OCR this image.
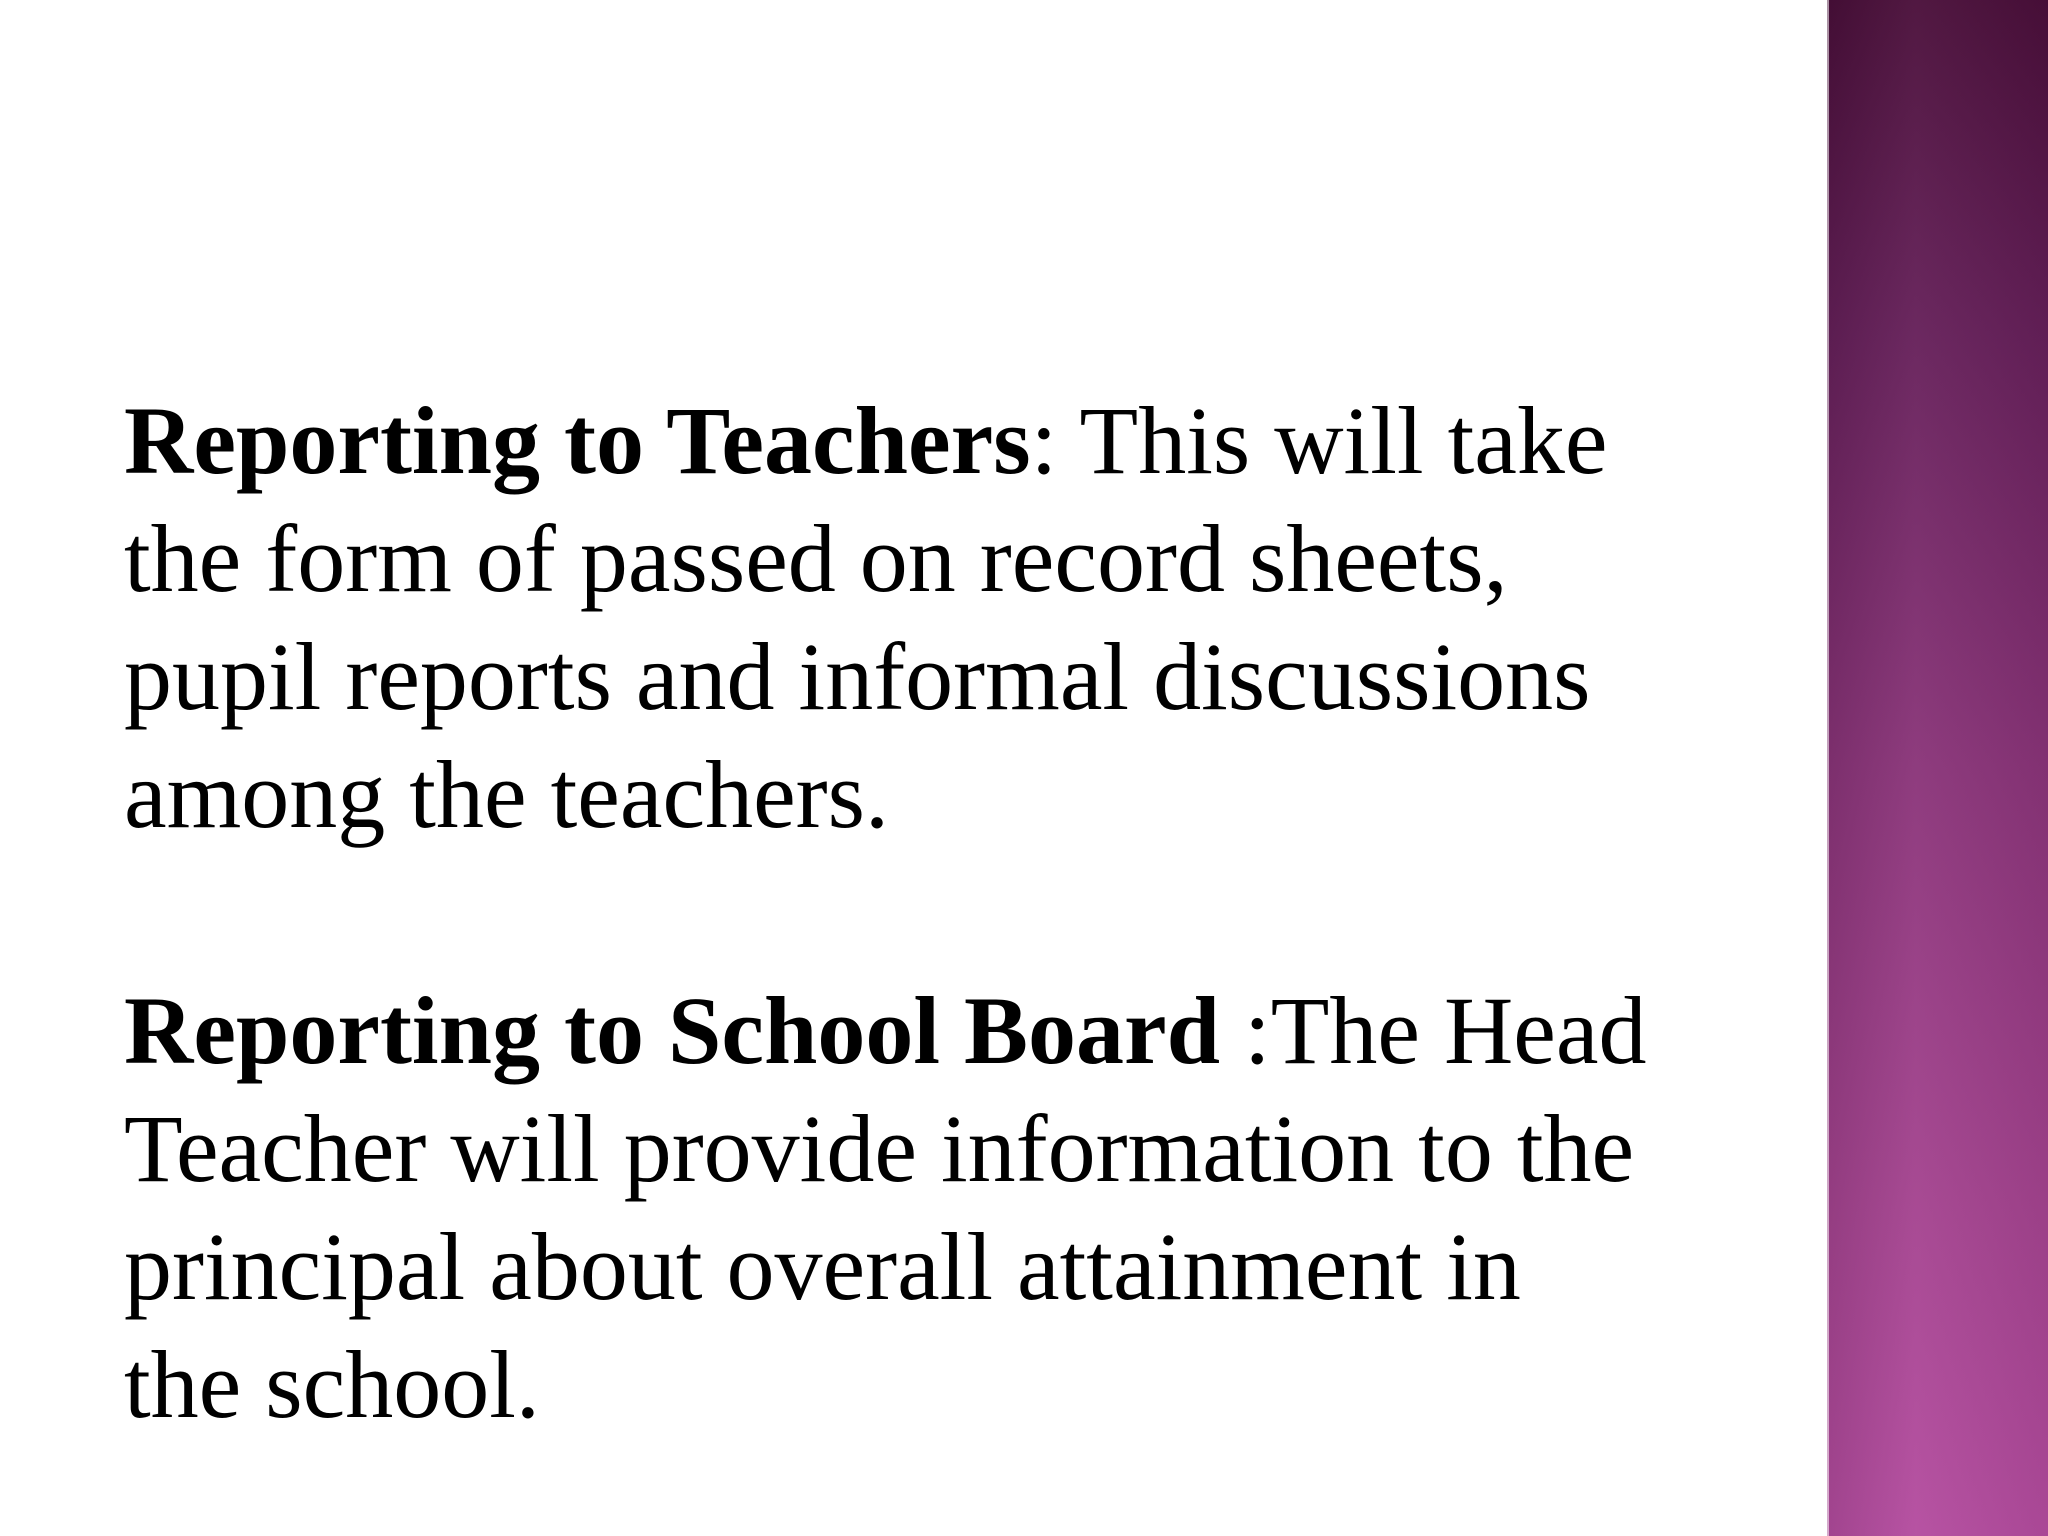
Reporting to Teachers: This will take
the form of passed on record sheets,
pupil reports and informal discussions
among the teachers.

Reporting to School Board :The Head
Teacher will provide information to the
principal about overall attainment in
the school.
